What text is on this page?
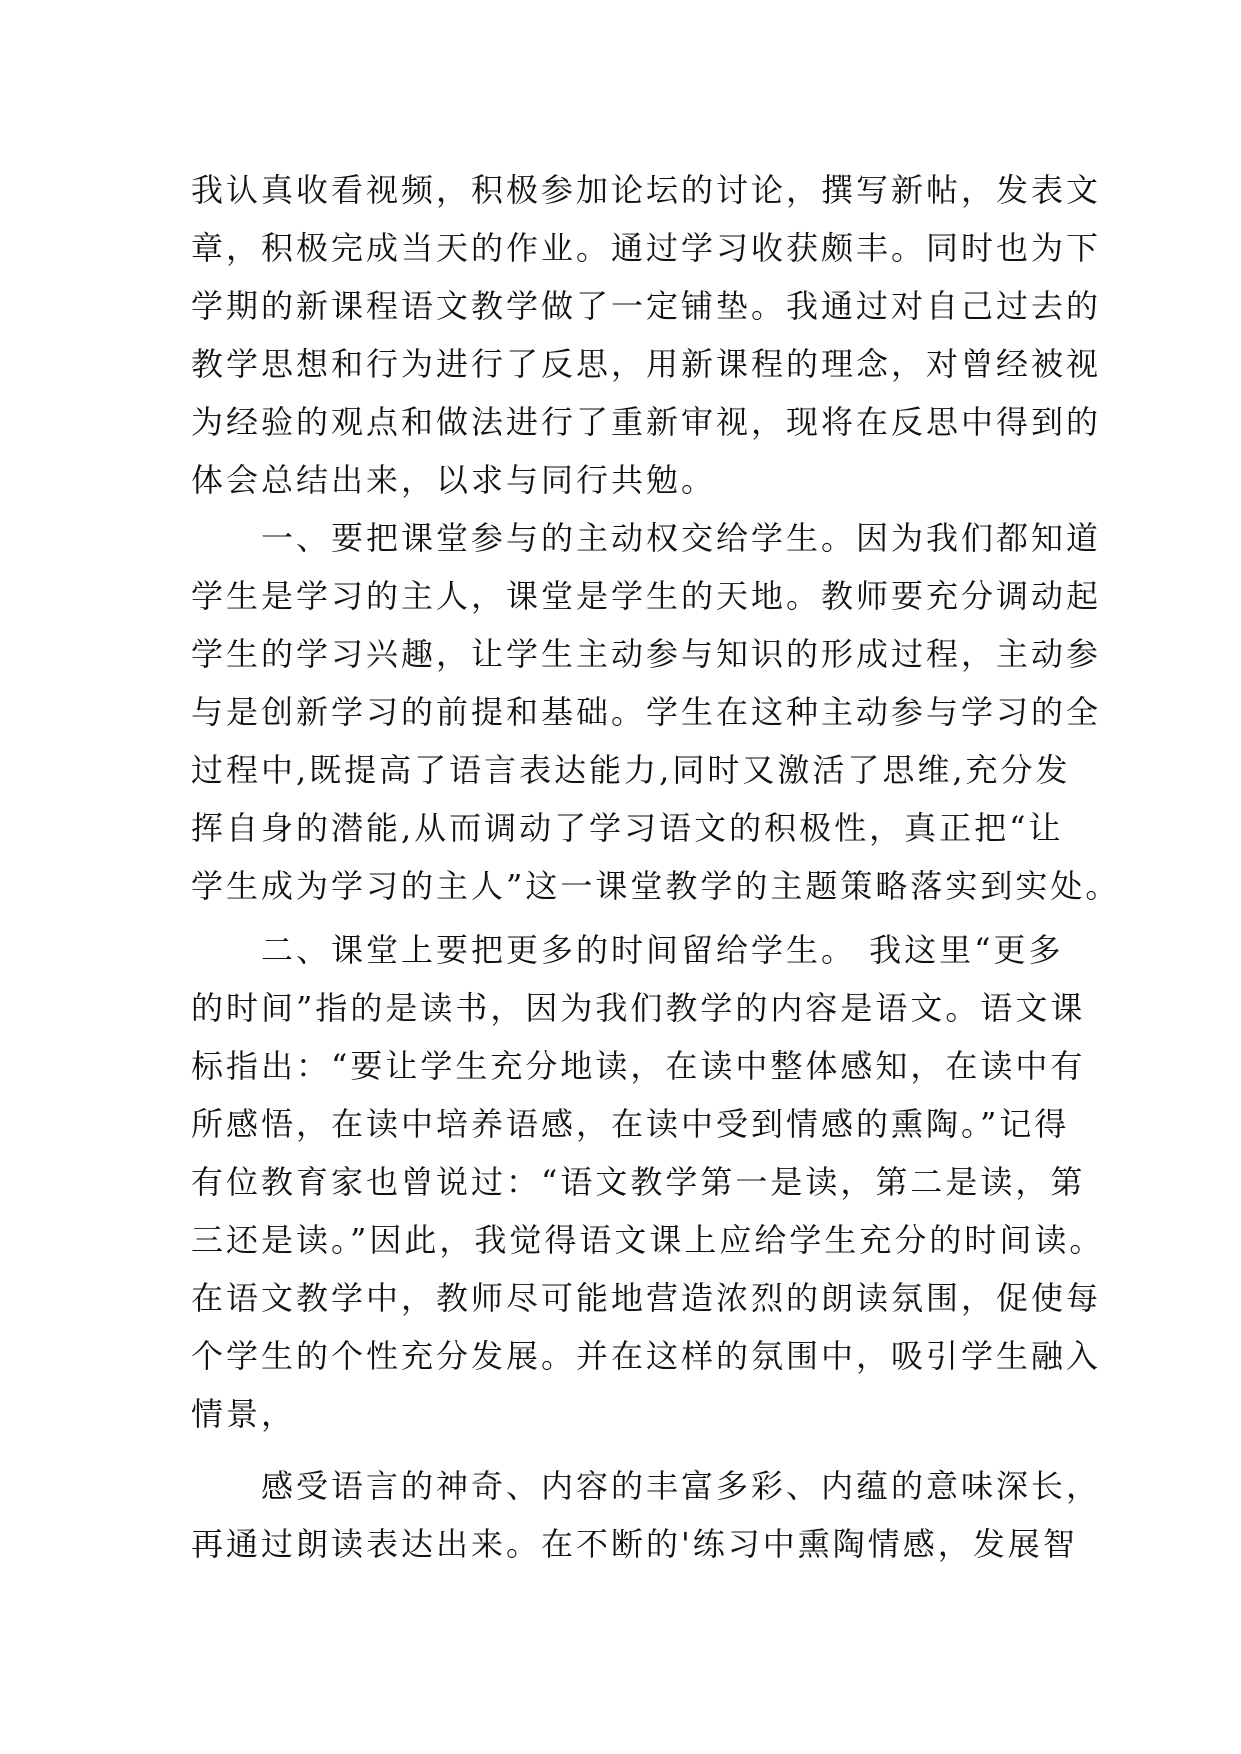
我认真收看视频，积极参加论坛的讨论，撰写新帖，发表文
章，积极完成当天的作业。通过学习收获颇丰。同时也为下
学期的新课程语文教学做了一定铺垫。我通过对自己过去的
教学思想和行为进行了反思，用新课程的理念，对曾经被视
为经验的观点和做法进行了重新审视，现将在反思中得到的
体会总结出来，以求与同行共勉。
　　一、要把课堂参与的主动权交给学生。因为我们都知道
学生是学习的主人，课堂是学生的天地。教师要充分调动起
学生的学习兴趣，让学生主动参与知识的形成过程，主动参
与是创新学习的前提和基础。学生在这种主动参与学习的全
过程中,既提高了语言表达能力,同时又激活了思维,充分发
挥自身的潜能,从而调动了学习语文的积极性，真正把“让
学生成为学习的主人”这一课堂教学的主题策略落实到实处。
　　二、课堂上要把更多的时间留给学生。 我这里“更多
的时间”指的是读书，因为我们教学的内容是语文。语文课
标指出：“要让学生充分地读，在读中整体感知，在读中有
所感悟，在读中培养语感，在读中受到情感的熏陶。”记得
有位教育家也曾说过：“语文教学第一是读，第二是读，第
三还是读。”因此，我觉得语文课上应给学生充分的时间读。
在语文教学中，教师尽可能地营造浓烈的朗读氛围，促使每
个学生的个性充分发展。并在这样的氛围中，吸引学生融入
情景，
　　感受语言的神奇、内容的丰富多彩、内蕴的意味深长，
再通过朗读表达出来。在不断的'练习中熏陶情感，发展智
